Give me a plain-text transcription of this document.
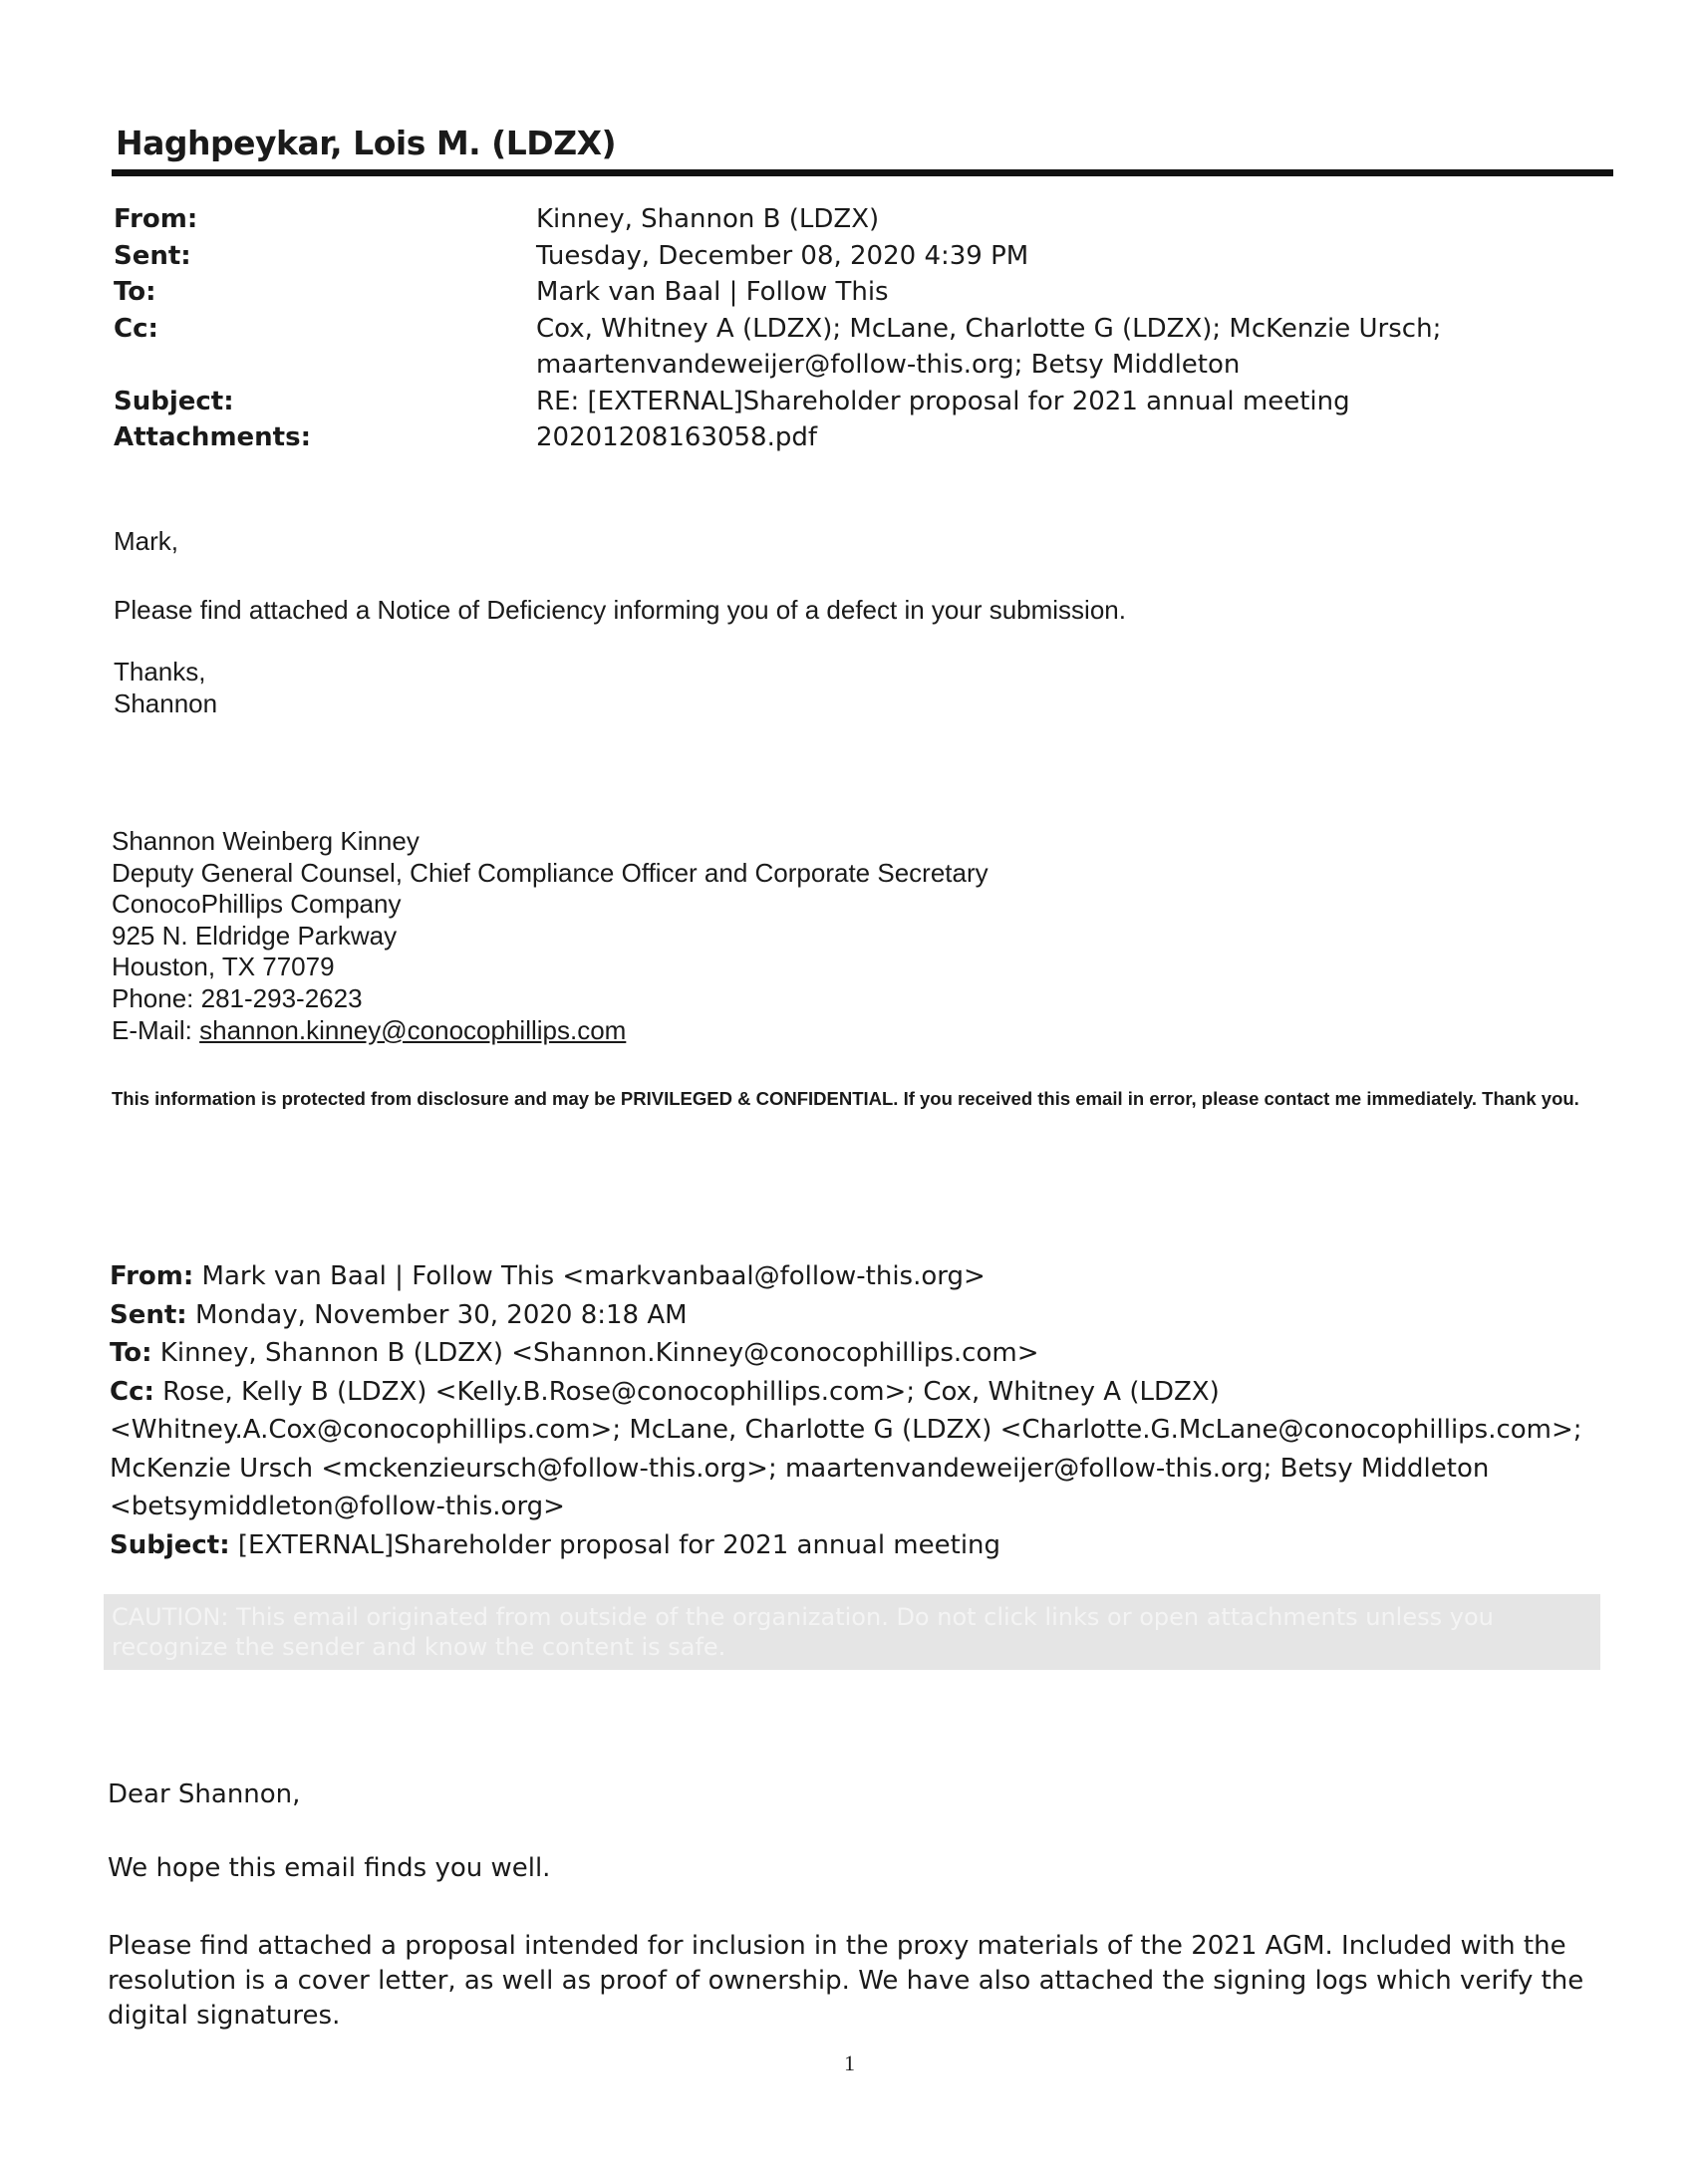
Haghpeykar, Lois M. (LDZX)
From:	Kinney, Shannon B (LDZX)
Sent:	Tuesday, December 08, 2020 4:39 PM
To:	Mark van Baal | Follow This
Cc:	Cox, Whitney A (LDZX); McLane, Charlotte G (LDZX); McKenzie Ursch;
maartenvandeweijer@follow-this.org; Betsy Middleton
Subject:	RE: [EXTERNAL]Shareholder proposal for 2021 annual meeting
Attachments:	20201208163058.pdf
Mark,
Please find attached a Notice of Deficiency informing you of a defect in your submission.
Thanks,
Shannon
Shannon Weinberg Kinney
Deputy General Counsel, Chief Compliance Officer and Corporate Secretary
ConocoPhillips Company
925 N. Eldridge Parkway
Houston, TX 77079
Phone: 281-293-2623
E-Mail: shannon.kinney@conocophillips.com
This information is protected from disclosure and may be PRIVILEGED & CONFIDENTIAL. If you received this email in error, please contact me immediately. Thank you.

From: Mark van Baal | Follow This <markvanbaal@follow-this.org>

Sent: Monday, November 30, 2020 8:18 AM

To: Kinney, Shannon B (LDZX) <Shannon.Kinney@conocophillips.com>

Cc: Rose, Kelly B (LDZX) <Kelly.B.Rose@conocophillips.com>; Cox, Whitney A (LDZX) <Whitney.A.Cox@conocophillips.com>; McLane, Charlotte G (LDZX) <Charlotte.G.McLane@conocophillips.com>; McKenzie Ursch <mckenzieursch@follow-this.org>; maartenvandeweijer@follow-this.org; Betsy Middleton <betsymiddleton@follow-this.org>

Subject: [EXTERNAL]Shareholder proposal for 2021 annual meeting

CAUTION: This email originated from outside of the organization. Do not click links or open attachments unless you recognize the sender and know the content is safe.
Dear Shannon,
We hope this email finds you well.
Please find attached a proposal intended for inclusion in the proxy materials of the 2021 AGM. Included with the resolution is a cover letter, as well as proof of ownership. We have also attached the signing logs which verify the digital signatures.
1
